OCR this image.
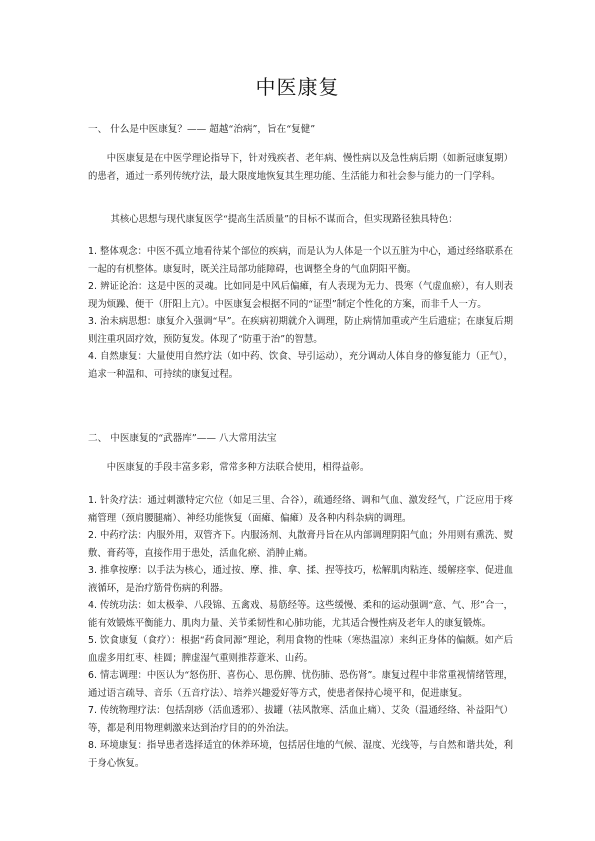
中医康复
一、 什么是中医康复？—— 超越“治病”，旨在“复健”
中医康复是在中医学理论指导下，针对残疾者、老年病、慢性病以及急性病后期（如新冠康复期）的患者，通过一系列传统疗法，最大限度地恢复其生理功能、生活能力和社会参与能力的一门学科。
其核心思想与现代康复医学“提高生活质量”的目标不谋而合，但实现路径独具特色：
1. 整体观念：中医不孤立地看待某个部位的疾病，而是认为人体是一个以五脏为中心，通过经络联系在一起的有机整体。康复时，既关注局部功能障碍，也调整全身的气血阴阳平衡。
2. 辨证论治：这是中医的灵魂。比如同是中风后偏瘫，有人表现为无力、畏寒（气虚血瘀），有人则表现为烦躁、便干（肝阳上亢）。中医康复会根据不同的“证型”制定个性化的方案，而非千人一方。
3. 治未病思想：康复介入强调“早”。在疾病初期就介入调理，防止病情加重或产生后遗症；在康复后期则注重巩固疗效，预防复发。体现了“防重于治”的智慧。
4. 自然康复：大量使用自然疗法（如中药、饮食、导引运动），充分调动人体自身的修复能力（正气），追求一种温和、可持续的康复过程。
二、 中医康复的“武器库”—— 八大常用法宝
中医康复的手段丰富多彩，常常多种方法联合使用，相得益彰。
1. 针灸疗法：通过刺激特定穴位（如足三里、合谷），疏通经络、调和气血、激发经气，广泛应用于疼痛管理（颈肩腰腿痛）、神经功能恢复（面瘫、偏瘫）及各种内科杂病的调理。
2. 中药疗法：内服外用，双管齐下。内服汤剂、丸散膏丹旨在从内部调理阴阳气血；外用则有熏洗、熨敷、膏药等，直接作用于患处，活血化瘀、消肿止痛。
3. 推拿按摩：以手法为核心，通过按、摩、推、拿、揉、捏等技巧，松解肌肉粘连、缓解痉挛、促进血液循环，是治疗筋骨伤病的利器。
4. 传统功法：如太极拳、八段锦、五禽戏、易筋经等。这些缓慢、柔和的运动强调“意、气、形”合一，能有效锻炼平衡能力、肌肉力量、关节柔韧性和心肺功能，尤其适合慢性病及老年人的康复锻炼。
5. 饮食康复（食疗）：根据“药食同源”理论，利用食物的性味（寒热温凉）来纠正身体的偏颇。如产后血虚多用红枣、桂圆；脾虚湿气重则推荐薏米、山药。
6. 情志调理：中医认为“怒伤肝、喜伤心、思伤脾、忧伤肺、恐伤肾”。康复过程中非常重视情绪管理，通过语言疏导、音乐（五音疗法）、培养兴趣爱好等方式，使患者保持心境平和，促进康复。
7. 传统物理疗法：包括刮痧（活血透邪）、拔罐（祛风散寒、活血止痛）、艾灸（温通经络、补益阳气）等，都是利用物理刺激来达到治疗目的的外治法。
8. 环境康复：指导患者选择适宜的休养环境，包括居住地的气候、湿度、光线等，与自然和谐共处，利于身心恢复。
